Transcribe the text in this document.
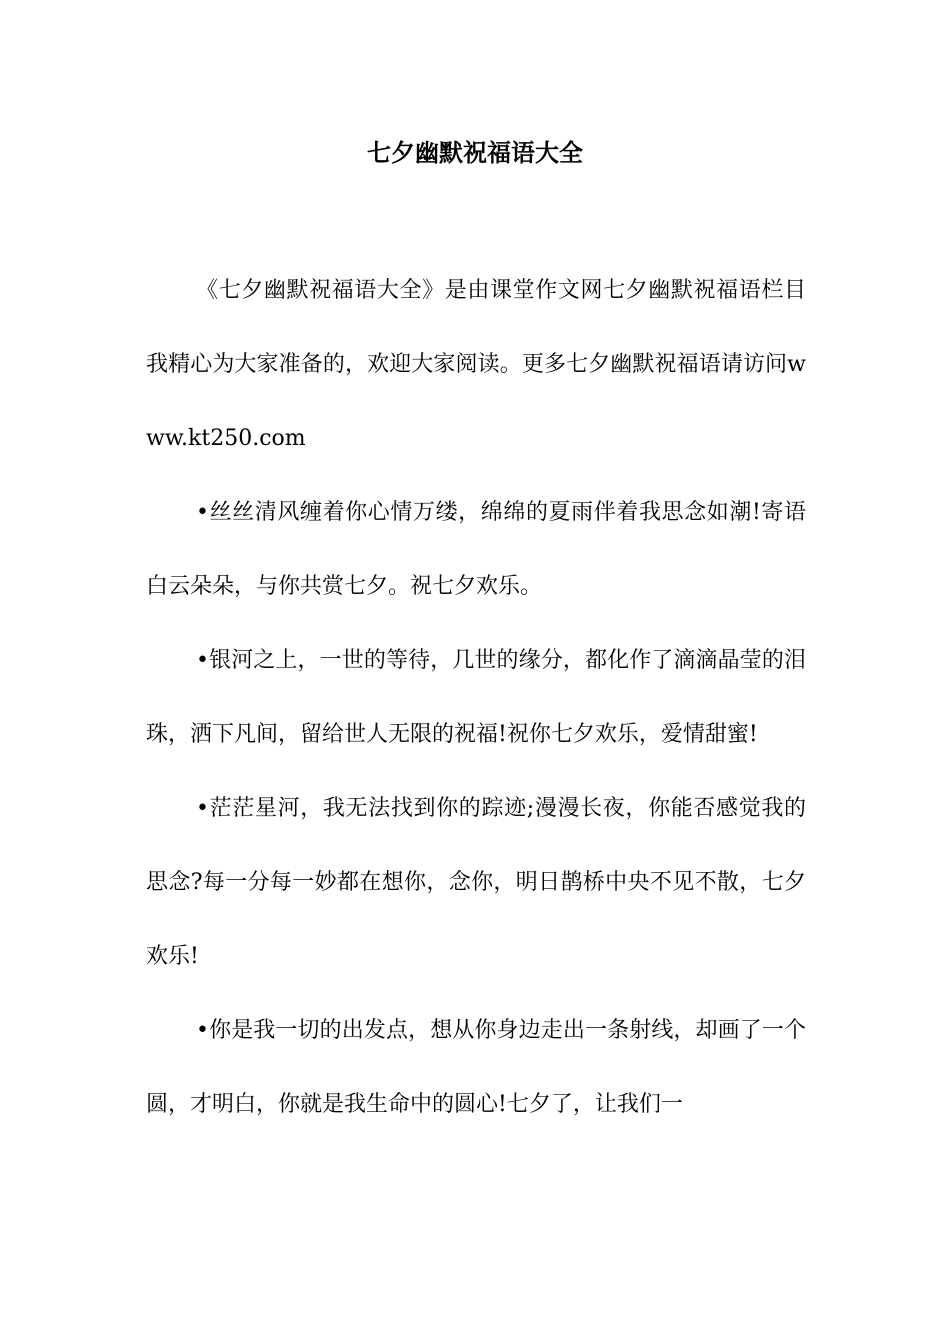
七夕幽默祝福语大全

《七夕幽默祝福语大全》是由课堂作文网七夕幽默祝福语栏目我精心为大家准备的，欢迎大家阅读。更多七夕幽默祝福语请访问www.kt250.com

•丝丝清风缠着你心情万缕，绵绵的夏雨伴着我思念如潮!寄语白云朵朵，与你共赏七夕。祝七夕欢乐。

•银河之上，一世的等待，几世的缘分，都化作了滴滴晶莹的泪珠，洒下凡间，留给世人无限的祝福!祝你七夕欢乐，爱情甜蜜!

•茫茫星河，我无法找到你的踪迹;漫漫长夜，你能否感觉我的思念?每一分每一妙都在想你，念你，明日鹊桥中央不见不散，七夕欢乐!

•你是我一切的出发点，想从你身边走出一条射线，却画了一个圆，才明白，你就是我生命中的圆心!七夕了，让我们一
